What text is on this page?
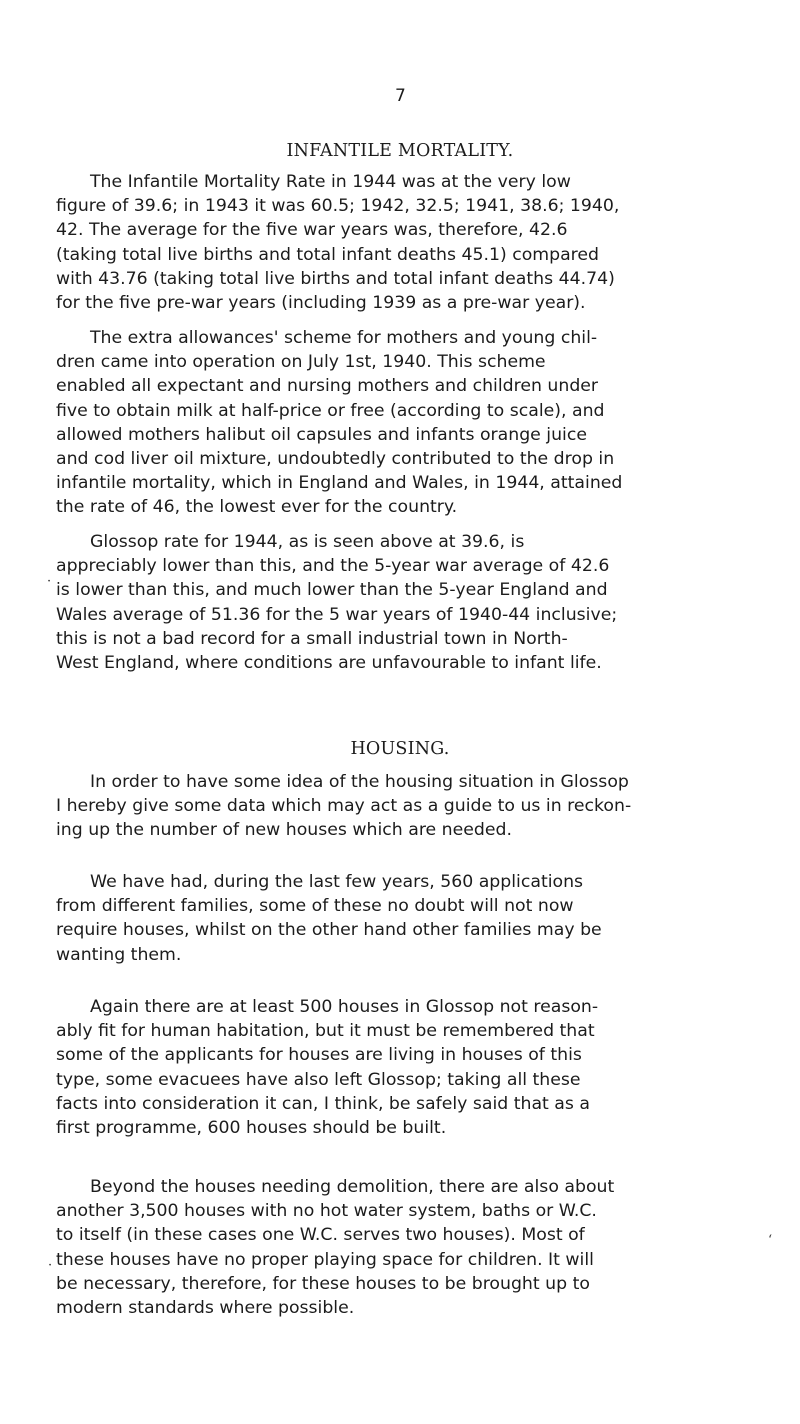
7
INFANTILE MORTALITY.
The Infantile Mortality Rate in 1944 was at the very low
figure of 39.6; in 1943 it was 60.5; 1942, 32.5; 1941, 38.6; 1940,
42. The average for the five war years was, therefore, 42.6
(taking total live births and total infant deaths 45.1) compared
with 43.76 (taking total live births and total infant deaths 44.74)
for the five pre-war years (including 1939 as a pre-war year).
The extra allowances' scheme for mothers and young chil-
dren came into operation on July 1st, 1940. This scheme
enabled all expectant and nursing mothers and children under
five to obtain milk at half-price or free (according to scale), and
allowed mothers halibut oil capsules and infants orange juice
and cod liver oil mixture, undoubtedly contributed to the drop in
infantile mortality, which in England and Wales, in 1944, attained
the rate of 46, the lowest ever for the country.
Glossop rate for 1944, as is seen above at 39.6, is
appreciably lower than this, and the 5-year war average of 42.6
is lower than this, and much lower than the 5-year England and
Wales average of 51.36 for the 5 war years of 1940-44 inclusive;
this is not a bad record for a small industrial town in North-
West England, where conditions are unfavourable to infant life.
HOUSING.
In order to have some idea of the housing situation in Glossop
I hereby give some data which may act as a guide to us in reckon-
ing up the number of new houses which are needed.
We have had, during the last few years, 560 applications
from different families, some of these no doubt will not now
require houses, whilst on the other hand other families may be
wanting them.
Again there are at least 500 houses in Glossop not reason-
ably fit for human habitation, but it must be remembered that
some of the applicants for houses are living in houses of this
type, some evacuees have also left Glossop; taking all these
facts into consideration it can, I think, be safely said that as a
first programme, 600 houses should be built.
Beyond the houses needing demolition, there are also about
another 3,500 houses with no hot water system, baths or W.C.
to itself (in these cases one W.C. serves two houses). Most of
these houses have no proper playing space for children. It will
be necessary, therefore, for these houses to be brought up to
modern standards where possible.
·
·
‘
